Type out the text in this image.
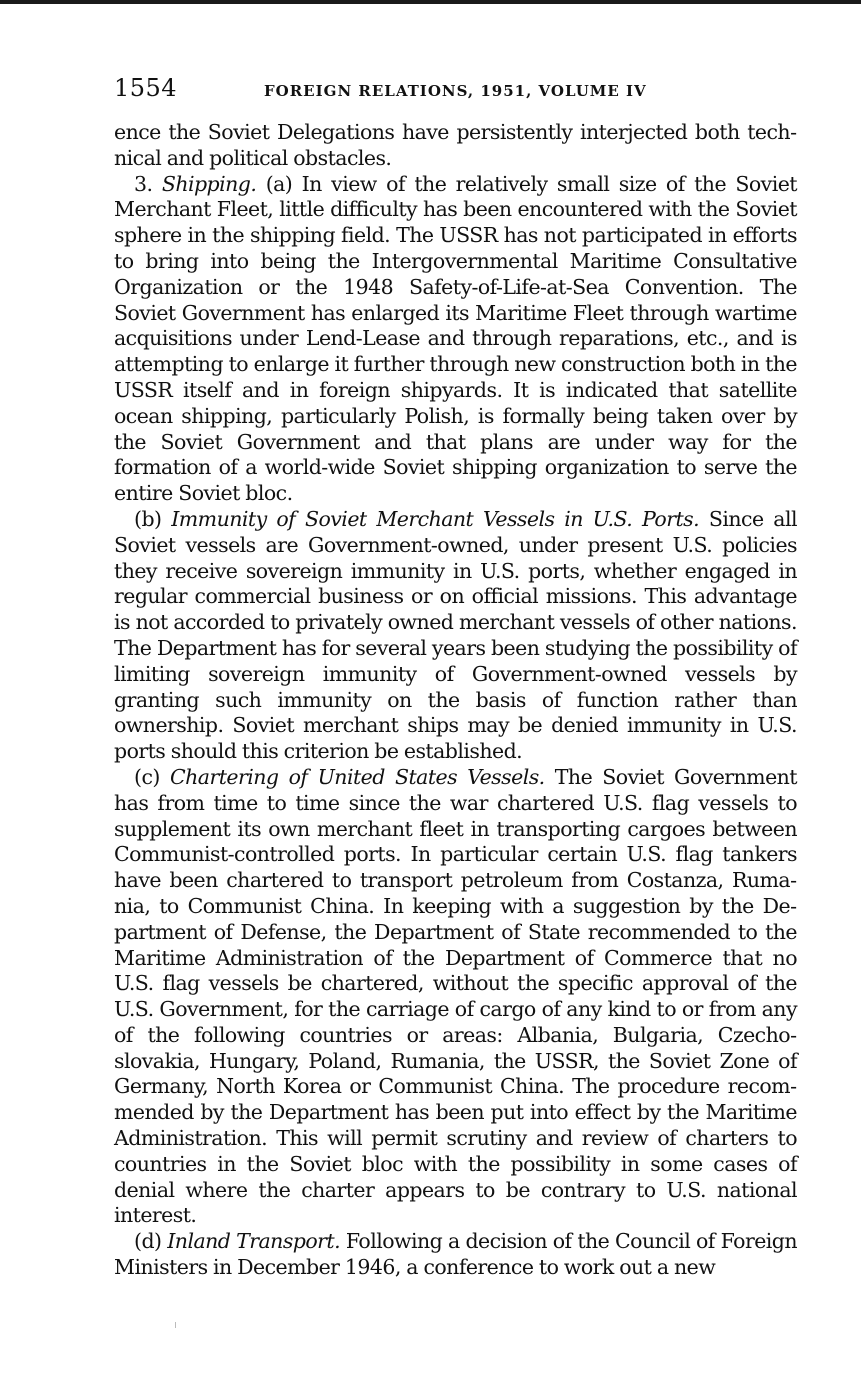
1554	FOREIGN RELATIONS, 1951, VOLUME IV

ence the Soviet Delegations have persistently interjected both technical and political obstacles.

3. Shipping. (a) In view of the relatively small size of the Soviet Merchant Fleet, little difficulty has been encountered with the Soviet sphere in the shipping field. The USSR has not participated in efforts to bring into being the Intergovernmental Maritime Consultative Organization or the 1948 Safety-of-Life-at-Sea Convention. The Soviet Government has enlarged its Maritime Fleet through wartime acquisitions under Lend-Lease and through reparations, etc., and is attempting to enlarge it further through new construction both in the USSR itself and in foreign shipyards. It is indicated that satellite ocean shipping, particularly Polish, is formally being taken over by the Soviet Government and that plans are under way for the formation of a world-wide Soviet shipping organization to serve the entire Soviet bloc.

(b) Immunity of Soviet Merchant Vessels in U.S. Ports. Since all Soviet vessels are Government-owned, under present U.S. policies they receive sovereign immunity in U.S. ports, whether engaged in regular commercial business or on official missions. This advantage is not accorded to privately owned merchant vessels of other nations. The Department has for several years been studying the possibility of limiting sovereign immunity of Government-owned vessels by granting such immunity on the basis of function rather than ownership. Soviet merchant ships may be denied immunity in U.S. ports should this criterion be established.

(c) Chartering of United States Vessels. The Soviet Government has from time to time since the war chartered U.S. flag vessels to supplement its own merchant fleet in transporting cargoes between Communist-controlled ports. In particular certain U.S. flag tankers have been chartered to transport petroleum from Costanza, Rumania, to Communist China. In keeping with a suggestion by the Department of Defense, the Department of State recommended to the Maritime Administration of the Department of Commerce that no U.S. flag vessels be chartered, without the specific approval of the U.S. Government, for the carriage of cargo of any kind to or from any of the following countries or areas: Albania, Bulgaria, Czechoslovakia, Hungary, Poland, Rumania, the USSR, the Soviet Zone of Germany, North Korea or Communist China. The procedure recommended by the Department has been put into effect by the Maritime Administration. This will permit scrutiny and review of charters to countries in the Soviet bloc with the possibility in some cases of denial where the charter appears to be contrary to U.S. national interest.

(d) Inland Transport. Following a decision of the Council of Foreign Ministers in December 1946, a conference to work out a new
